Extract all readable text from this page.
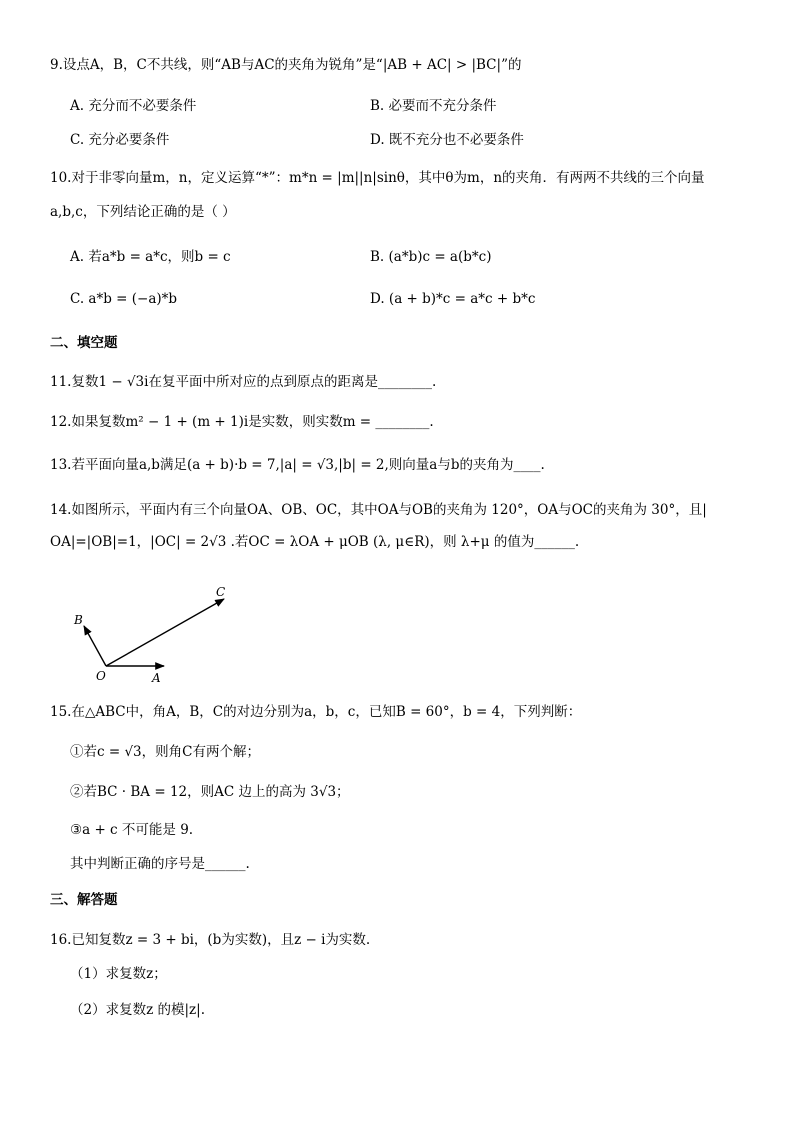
9.设点A，B，C不共线，则“AB与AC的夹角为锐角”是“|AB + AC| > |BC|”的
A. 充分而不必要条件	B. 必要而不充分条件
C. 充分必要条件	D. 既不充分也不必要条件
10.对于非零向量m，n，定义运算“*”：m*n = |m||n|sinθ，其中θ为m，n的夹角．有两两不共线的三个向量
a,b,c，下列结论正确的是（ ）
A. 若a*b = a*c，则b = c	B. (a*b)c = a(b*c)
C. a*b = (−a)*b	D. (a + b)*c = a*c + b*c
二、填空题
11.复数1 − √3i在复平面中所对应的点到原点的距离是________.
12.如果复数m² − 1 + (m + 1)i是实数，则实数m = ________.
13.若平面向量a,b满足(a + b)·b = 7,|a| = √3,|b| = 2,则向量a与b的夹角为____.
14.如图所示，平面内有三个向量OA、OB、OC，其中OA与OB的夹角为 120°，OA与OC的夹角为 30°，且|
OA|=|OB|=1，|OC| = 2√3 .若OC = λOA + μOB (λ, μ∈R)，则 λ+μ 的值为______.
B
C
O	A
15.在△ABC中，角A，B，C的对边分别为a，b，c，已知B = 60°，b = 4，下列判断：
①若c = √3，则角C有两个解；
②若BC · BA = 12，则AC 边上的高为 3√3；
③a + c 不可能是 9.
其中判断正确的序号是______.
三、解答题
16.已知复数z = 3 + bi，(b为实数)，且z − i为实数.
（1）求复数z；
（2）求复数z 的模|z|.
